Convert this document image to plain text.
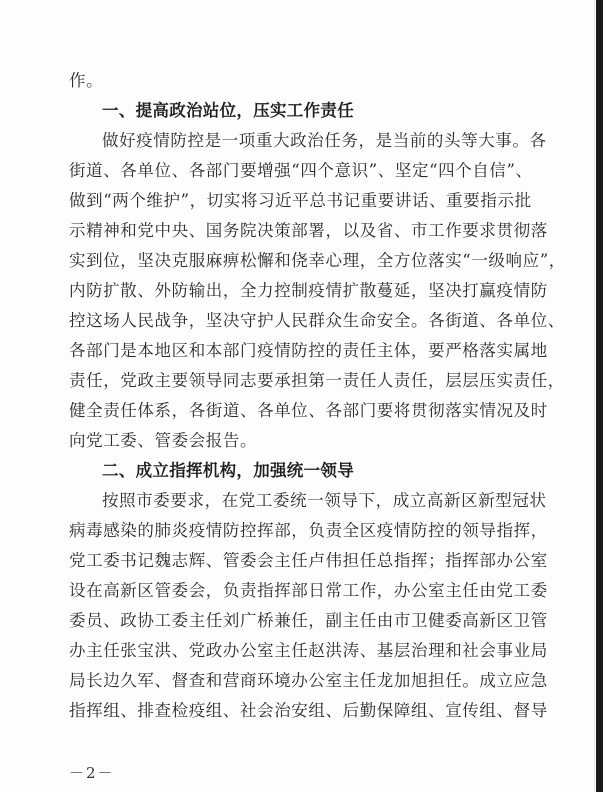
作。
一、提高政治站位，压实工作责任
做好疫情防控是一项重大政治任务，是当前的头等大事。各
街道、各单位、各部门要增强“四个意识”、坚定“四个自信”、
做到“两个维护”，切实将习近平总书记重要讲话、重要指示批
示精神和党中央、国务院决策部署，以及省、市工作要求贯彻落
实到位，坚决克服麻痹松懈和侥幸心理，全方位落实“一级响应”，
内防扩散、外防输出，全力控制疫情扩散蔓延，坚决打赢疫情防
控这场人民战争，坚决守护人民群众生命安全。各街道、各单位、
各部门是本地区和本部门疫情防控的责任主体，要严格落实属地
责任，党政主要领导同志要承担第一责任人责任，层层压实责任，
健全责任体系，各街道、各单位、各部门要将贯彻落实情况及时
向党工委、管委会报告。
二、成立指挥机构，加强统一领导
按照市委要求，在党工委统一领导下，成立高新区新型冠状
病毒感染的肺炎疫情防控挥部，负责全区疫情防控的领导指挥，
党工委书记魏志辉、管委会主任卢伟担任总指挥；指挥部办公室
设在高新区管委会，负责指挥部日常工作，办公室主任由党工委
委员、政协工委主任刘广桥兼任，副主任由市卫健委高新区卫管
办主任张宝洪、党政办公室主任赵洪涛、基层治理和社会事业局
局长边久军、督查和营商环境办公室主任龙加旭担任。成立应急
指挥组、排查检疫组、社会治安组、后勤保障组、宣传组、督导
－2－
